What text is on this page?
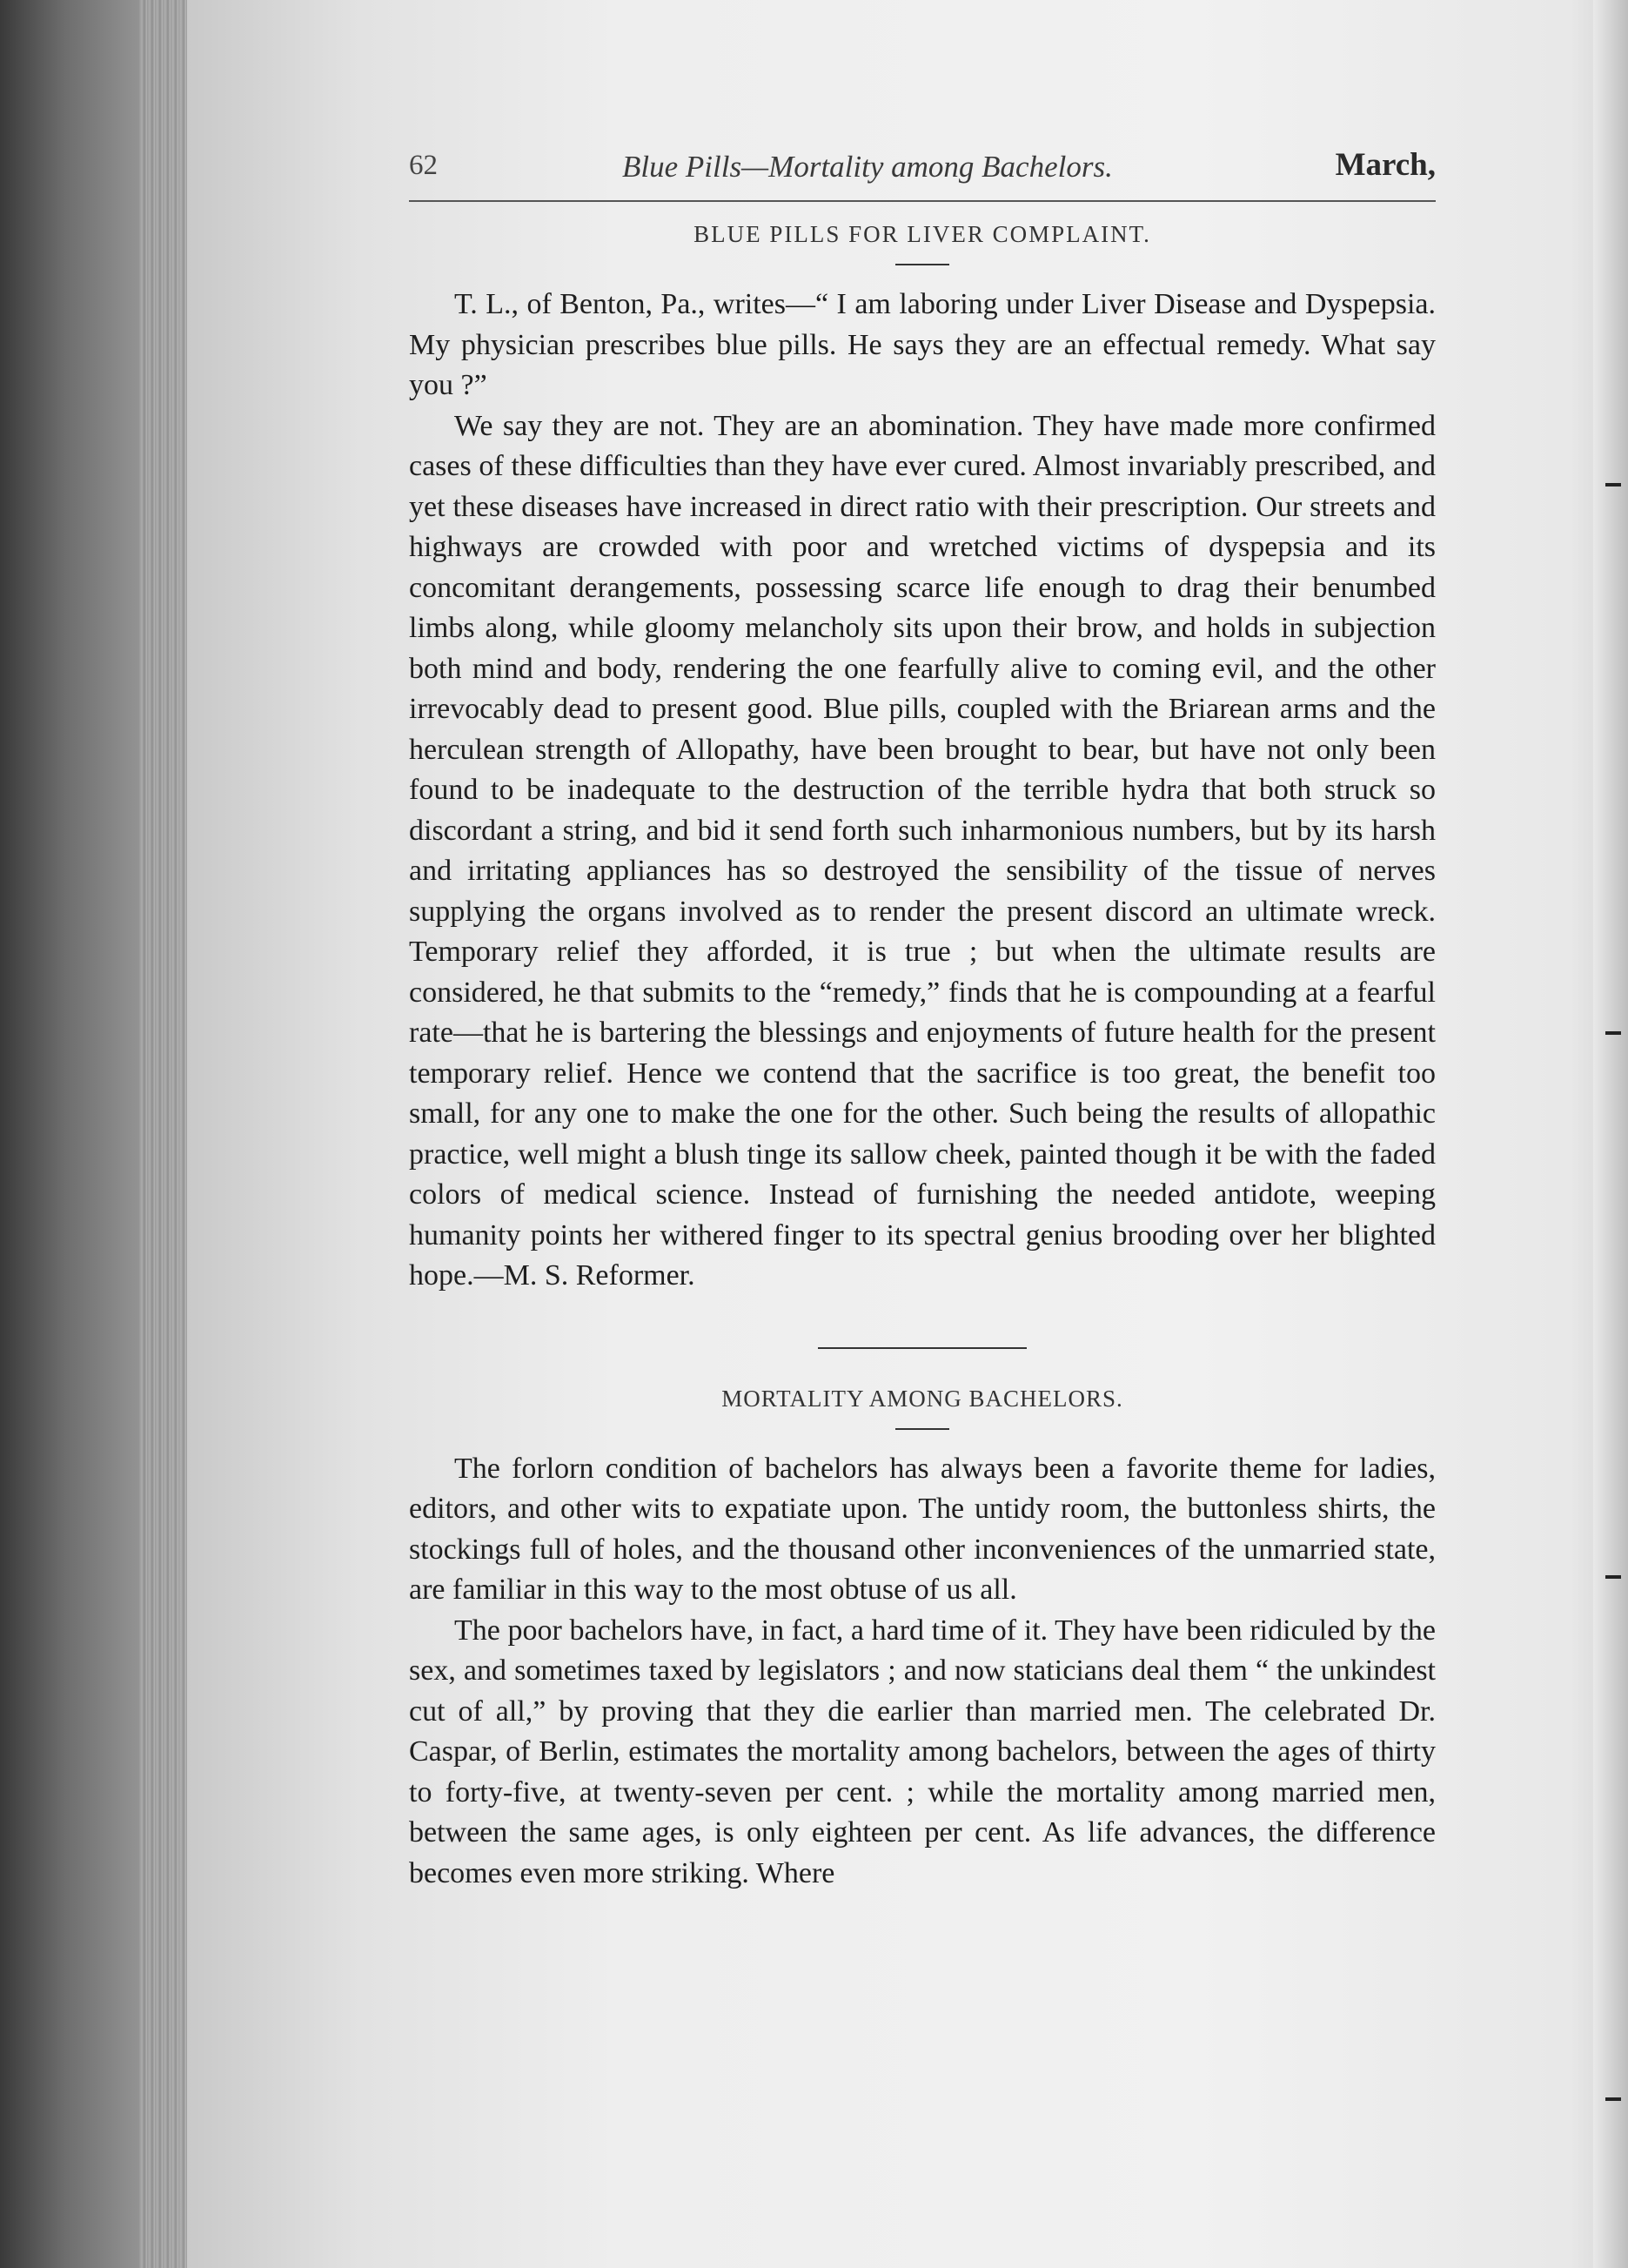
62	Blue Pills—Mortality among Bachelors.	March,
BLUE PILLS FOR LIVER COMPLAINT.

T. L., of Benton, Pa., writes—“ I am laboring under Liver Disease and Dyspepsia. My physician prescribes blue pills. He says they are an effectual remedy. What say you ?”

We say they are not. They are an abomination. They have made more confirmed cases of these difficulties than they have ever cured. Almost invariably prescribed, and yet these diseases have increased in direct ratio with their prescription. Our streets and highways are crowded with poor and wretched victims of dyspepsia and its concomitant derangements, possessing scarce life enough to drag their benumbed limbs along, while gloomy melancholy sits upon their brow, and holds in subjection both mind and body, rendering the one fearfully alive to coming evil, and the other irrevocably dead to present good. Blue pills, coupled with the Briarean arms and the herculean strength of Allopathy, have been brought to bear, but have not only been found to be inadequate to the destruction of the terrible hydra that both struck so discordant a string, and bid it send forth such inharmonious numbers, but by its harsh and irritating appliances has so destroyed the sensibility of the tissue of nerves supplying the organs involved as to render the present discord an ultimate wreck. Temporary relief they afforded, it is true ; but when the ultimate results are considered, he that submits to the “remedy,” finds that he is compounding at a fearful rate—that he is bartering the blessings and enjoyments of future health for the present temporary relief. Hence we contend that the sacrifice is too great, the benefit too small, for any one to make the one for the other. Such being the results of allopathic practice, well might a blush tinge its sallow cheek, painted though it be with the faded colors of medical science. Instead of furnishing the needed antidote, weeping humanity points her withered finger to its spectral genius brooding over her blighted hope.—M. S. Reformer.

MORTALITY AMONG BACHELORS.

The forlorn condition of bachelors has always been a favorite theme for ladies, editors, and other wits to expatiate upon. The untidy room, the buttonless shirts, the stockings full of holes, and the thousand other inconveniences of the unmarried state, are familiar in this way to the most obtuse of us all.

The poor bachelors have, in fact, a hard time of it. They have been ridiculed by the sex, and sometimes taxed by legislators ; and now staticians deal them “ the unkindest cut of all,” by proving that they die earlier than married men. The celebrated Dr. Caspar, of Berlin, estimates the mortality among bachelors, between the ages of thirty to forty-five, at twenty-seven per cent. ; while the mortality among married men, between the same ages, is only eighteen per cent. As life advances, the difference becomes even more striking. Where
